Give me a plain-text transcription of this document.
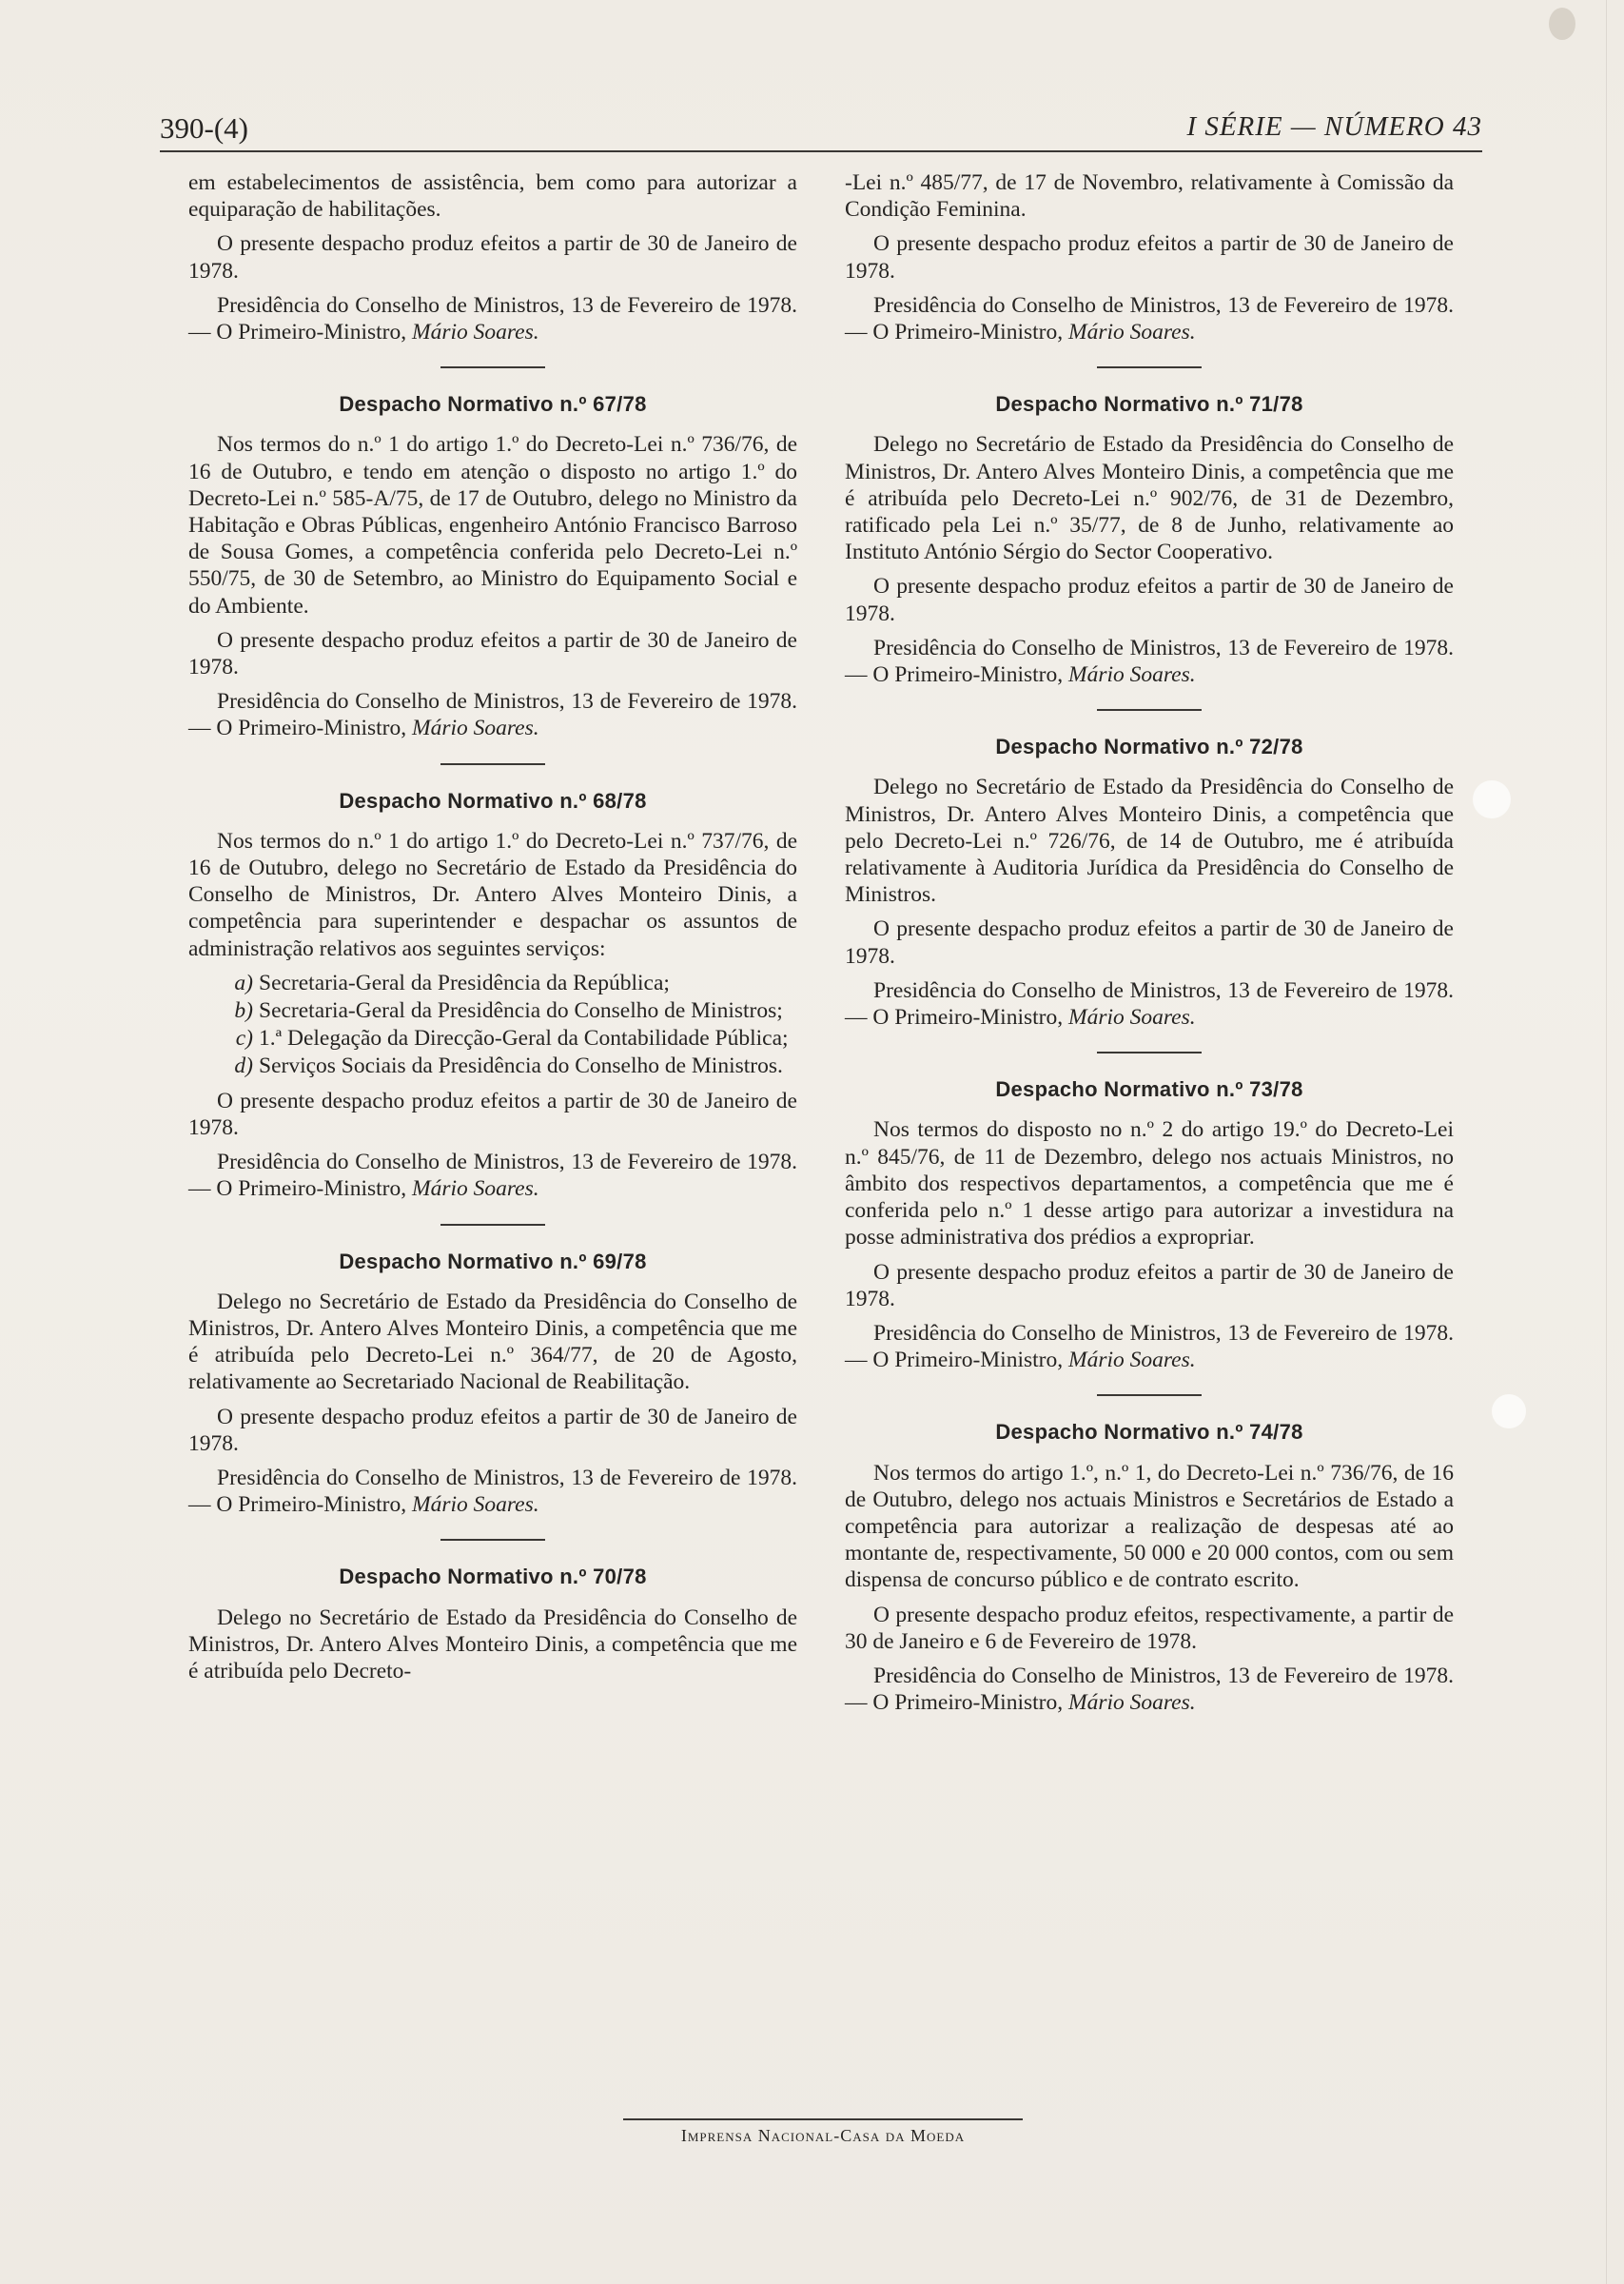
390-(4)	I SÉRIE — NÚMERO 43

em estabelecimentos de assistência, bem como para autorizar a equiparação de habilitações.

O presente despacho produz efeitos a partir de 30 de Janeiro de 1978.

Presidência do Conselho de Ministros, 13 de Fevereiro de 1978. — O Primeiro-Ministro, Mário Soares.

Despacho Normativo n.º 67/78

Nos termos do n.º 1 do artigo 1.º do Decreto-Lei n.º 736/76, de 16 de Outubro, e tendo em atenção o disposto no artigo 1.º do Decreto-Lei n.º 585-A/75, de 17 de Outubro, delego no Ministro da Habitação e Obras Públicas, engenheiro António Francisco Barroso de Sousa Gomes, a competência conferida pelo Decreto-Lei n.º 550/75, de 30 de Setembro, ao Ministro do Equipamento Social e do Ambiente.

O presente despacho produz efeitos a partir de 30 de Janeiro de 1978.

Presidência do Conselho de Ministros, 13 de Fevereiro de 1978. — O Primeiro-Ministro, Mário Soares.

Despacho Normativo n.º 68/78

Nos termos do n.º 1 do artigo 1.º do Decreto-Lei n.º 737/76, de 16 de Outubro, delego no Secretário de Estado da Presidência do Conselho de Ministros, Dr. Antero Alves Monteiro Dinis, a competência para superintender e despachar os assuntos de administração relativos aos seguintes serviços:

a) Secretaria-Geral da Presidência da República;
b) Secretaria-Geral da Presidência do Conselho de Ministros;
c) 1.ª Delegação da Direcção-Geral da Contabilidade Pública;
d) Serviços Sociais da Presidência do Conselho de Ministros.

O presente despacho produz efeitos a partir de 30 de Janeiro de 1978.

Presidência do Conselho de Ministros, 13 de Fevereiro de 1978. — O Primeiro-Ministro, Mário Soares.

Despacho Normativo n.º 69/78

Delego no Secretário de Estado da Presidência do Conselho de Ministros, Dr. Antero Alves Monteiro Dinis, a competência que me é atribuída pelo Decreto-Lei n.º 364/77, de 20 de Agosto, relativamente ao Secretariado Nacional de Reabilitação.

O presente despacho produz efeitos a partir de 30 de Janeiro de 1978.

Presidência do Conselho de Ministros, 13 de Fevereiro de 1978. — O Primeiro-Ministro, Mário Soares.

Despacho Normativo n.º 70/78

Delego no Secretário de Estado da Presidência do Conselho de Ministros, Dr. Antero Alves Monteiro Dinis, a competência que me é atribuída pelo Decreto-

-Lei n.º 485/77, de 17 de Novembro, relativamente à Comissão da Condição Feminina.

O presente despacho produz efeitos a partir de 30 de Janeiro de 1978.

Presidência do Conselho de Ministros, 13 de Fevereiro de 1978. — O Primeiro-Ministro, Mário Soares.

Despacho Normativo n.º 71/78

Delego no Secretário de Estado da Presidência do Conselho de Ministros, Dr. Antero Alves Monteiro Dinis, a competência que me é atribuída pelo Decreto-Lei n.º 902/76, de 31 de Dezembro, ratificado pela Lei n.º 35/77, de 8 de Junho, relativamente ao Instituto António Sérgio do Sector Cooperativo.

O presente despacho produz efeitos a partir de 30 de Janeiro de 1978.

Presidência do Conselho de Ministros, 13 de Fevereiro de 1978. — O Primeiro-Ministro, Mário Soares.

Despacho Normativo n.º 72/78

Delego no Secretário de Estado da Presidência do Conselho de Ministros, Dr. Antero Alves Monteiro Dinis, a competência que pelo Decreto-Lei n.º 726/76, de 14 de Outubro, me é atribuída relativamente à Auditoria Jurídica da Presidência do Conselho de Ministros.

O presente despacho produz efeitos a partir de 30 de Janeiro de 1978.

Presidência do Conselho de Ministros, 13 de Fevereiro de 1978. — O Primeiro-Ministro, Mário Soares.

Despacho Normativo n.º 73/78

Nos termos do disposto no n.º 2 do artigo 19.º do Decreto-Lei n.º 845/76, de 11 de Dezembro, delego nos actuais Ministros, no âmbito dos respectivos departamentos, a competência que me é conferida pelo n.º 1 desse artigo para autorizar a investidura na posse administrativa dos prédios a expropriar.

O presente despacho produz efeitos a partir de 30 de Janeiro de 1978.

Presidência do Conselho de Ministros, 13 de Fevereiro de 1978. — O Primeiro-Ministro, Mário Soares.

Despacho Normativo n.º 74/78

Nos termos do artigo 1.º, n.º 1, do Decreto-Lei n.º 736/76, de 16 de Outubro, delego nos actuais Ministros e Secretários de Estado a competência para autorizar a realização de despesas até ao montante de, respectivamente, 50 000 e 20 000 contos, com ou sem dispensa de concurso público e de contrato escrito.

O presente despacho produz efeitos, respectivamente, a partir de 30 de Janeiro e 6 de Fevereiro de 1978.

Presidência do Conselho de Ministros, 13 de Fevereiro de 1978. — O Primeiro-Ministro, Mário Soares.

Imprensa Nacional-Casa da Moeda
